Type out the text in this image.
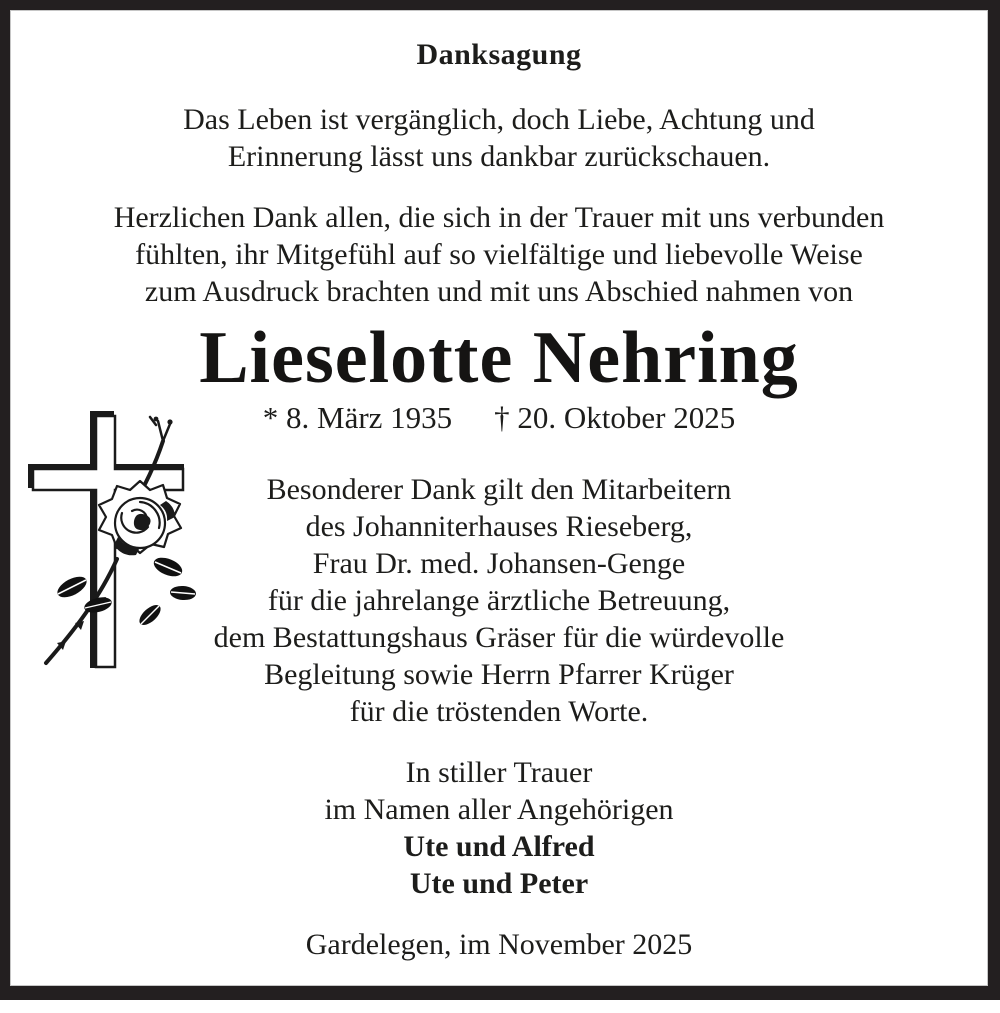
Danksagung
Das Leben ist vergänglich, doch Liebe, Achtung und
Erinnerung lässt uns dankbar zurückschauen.
Herzlichen Dank allen, die sich in der Trauer mit uns verbunden
fühlten, ihr Mitgefühl auf so vielfältige und liebevolle Weise
zum Ausdruck brachten und mit uns Abschied nahmen von
Lieselotte Nehring
* 8. März 1935 † 20. Oktober 2025
Besonderer Dank gilt den Mitarbeitern
des Johanniterhauses Rieseberg,
Frau Dr. med. Johansen-Genge
für die jahrelange ärztliche Betreuung,
dem Bestattungshaus Gräser für die würdevolle
Begleitung sowie Herrn Pfarrer Krüger
für die tröstenden Worte.
In stiller Trauer
im Namen aller Angehörigen
Ute und Alfred
Ute und Peter
Gardelegen, im November 2025
